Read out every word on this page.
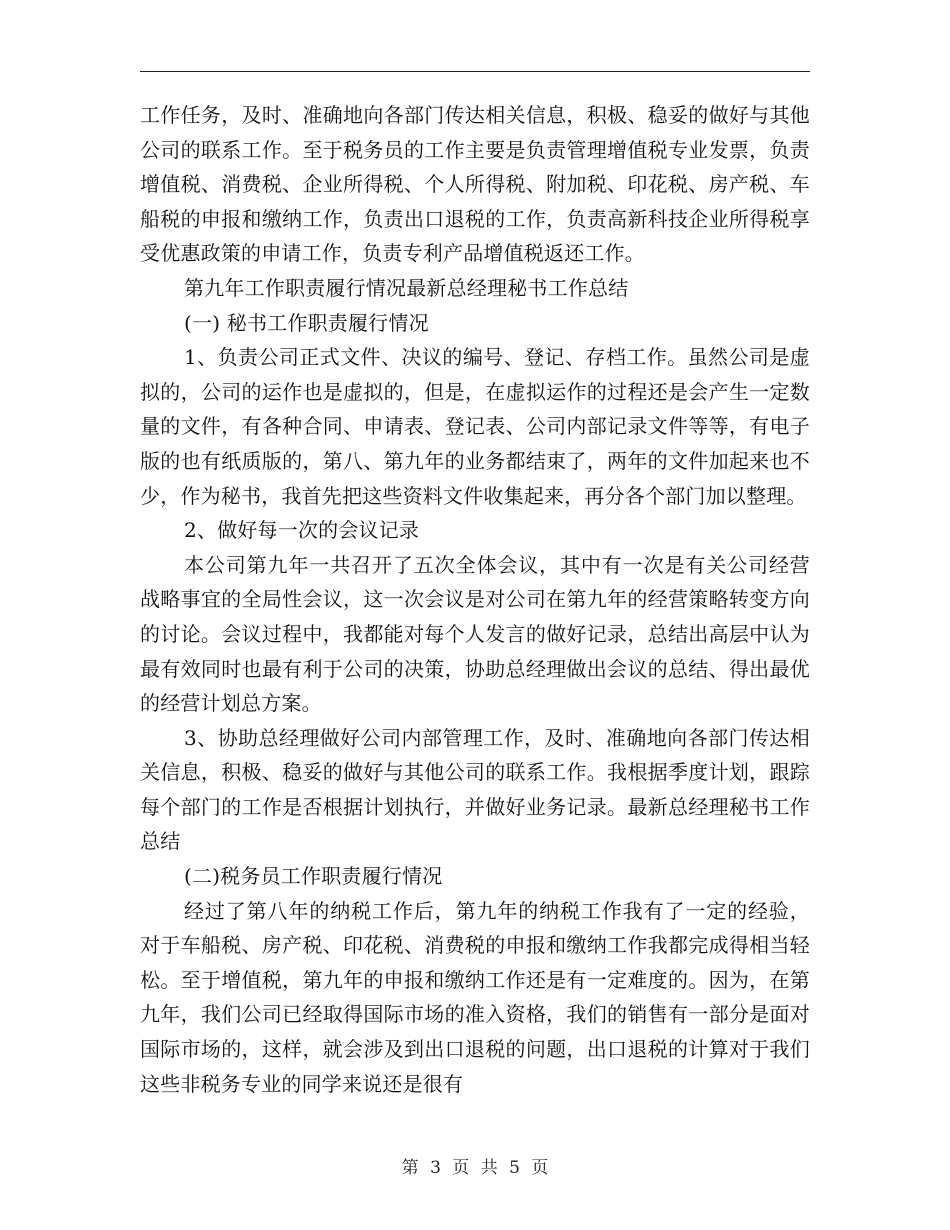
工作任务，及时、准确地向各部门传达相关信息，积极、稳妥的做好与其他公司的联系工作。至于税务员的工作主要是负责管理增值税专业发票，负责增值税、消费税、企业所得税、个人所得税、附加税、印花税、房产税、车船税的申报和缴纳工作，负责出口退税的工作，负责高新科技企业所得税享受优惠政策的申请工作，负责专利产品增值税返还工作。

第九年工作职责履行情况最新总经理秘书工作总结

(一) 秘书工作职责履行情况

1、负责公司正式文件、决议的编号、登记、存档工作。虽然公司是虚拟的，公司的运作也是虚拟的，但是，在虚拟运作的过程还是会产生一定数量的文件，有各种合同、申请表、登记表、公司内部记录文件等等，有电子版的也有纸质版的，第八、第九年的业务都结束了，两年的文件加起来也不少，作为秘书，我首先把这些资料文件收集起来，再分各个部门加以整理。

2、做好每一次的会议记录

本公司第九年一共召开了五次全体会议，其中有一次是有关公司经营战略事宜的全局性会议，这一次会议是对公司在第九年的经营策略转变方向的讨论。会议过程中，我都能对每个人发言的做好记录，总结出高层中认为最有效同时也最有利于公司的决策，协助总经理做出会议的总结、得出最优的经营计划总方案。

3、协助总经理做好公司内部管理工作，及时、准确地向各部门传达相关信息，积极、稳妥的做好与其他公司的联系工作。我根据季度计划，跟踪每个部门的工作是否根据计划执行，并做好业务记录。最新总经理秘书工作总结

(二)税务员工作职责履行情况

经过了第八年的纳税工作后，第九年的纳税工作我有了一定的经验，对于车船税、房产税、印花税、消费税的申报和缴纳工作我都完成得相当轻松。至于增值税，第九年的申报和缴纳工作还是有一定难度的。因为，在第九年，我们公司已经取得国际市场的准入资格，我们的销售有一部分是面对国际市场的，这样，就会涉及到出口退税的问题，出口退税的计算对于我们这些非税务专业的同学来说还是很有

第 3 页 共 5 页
